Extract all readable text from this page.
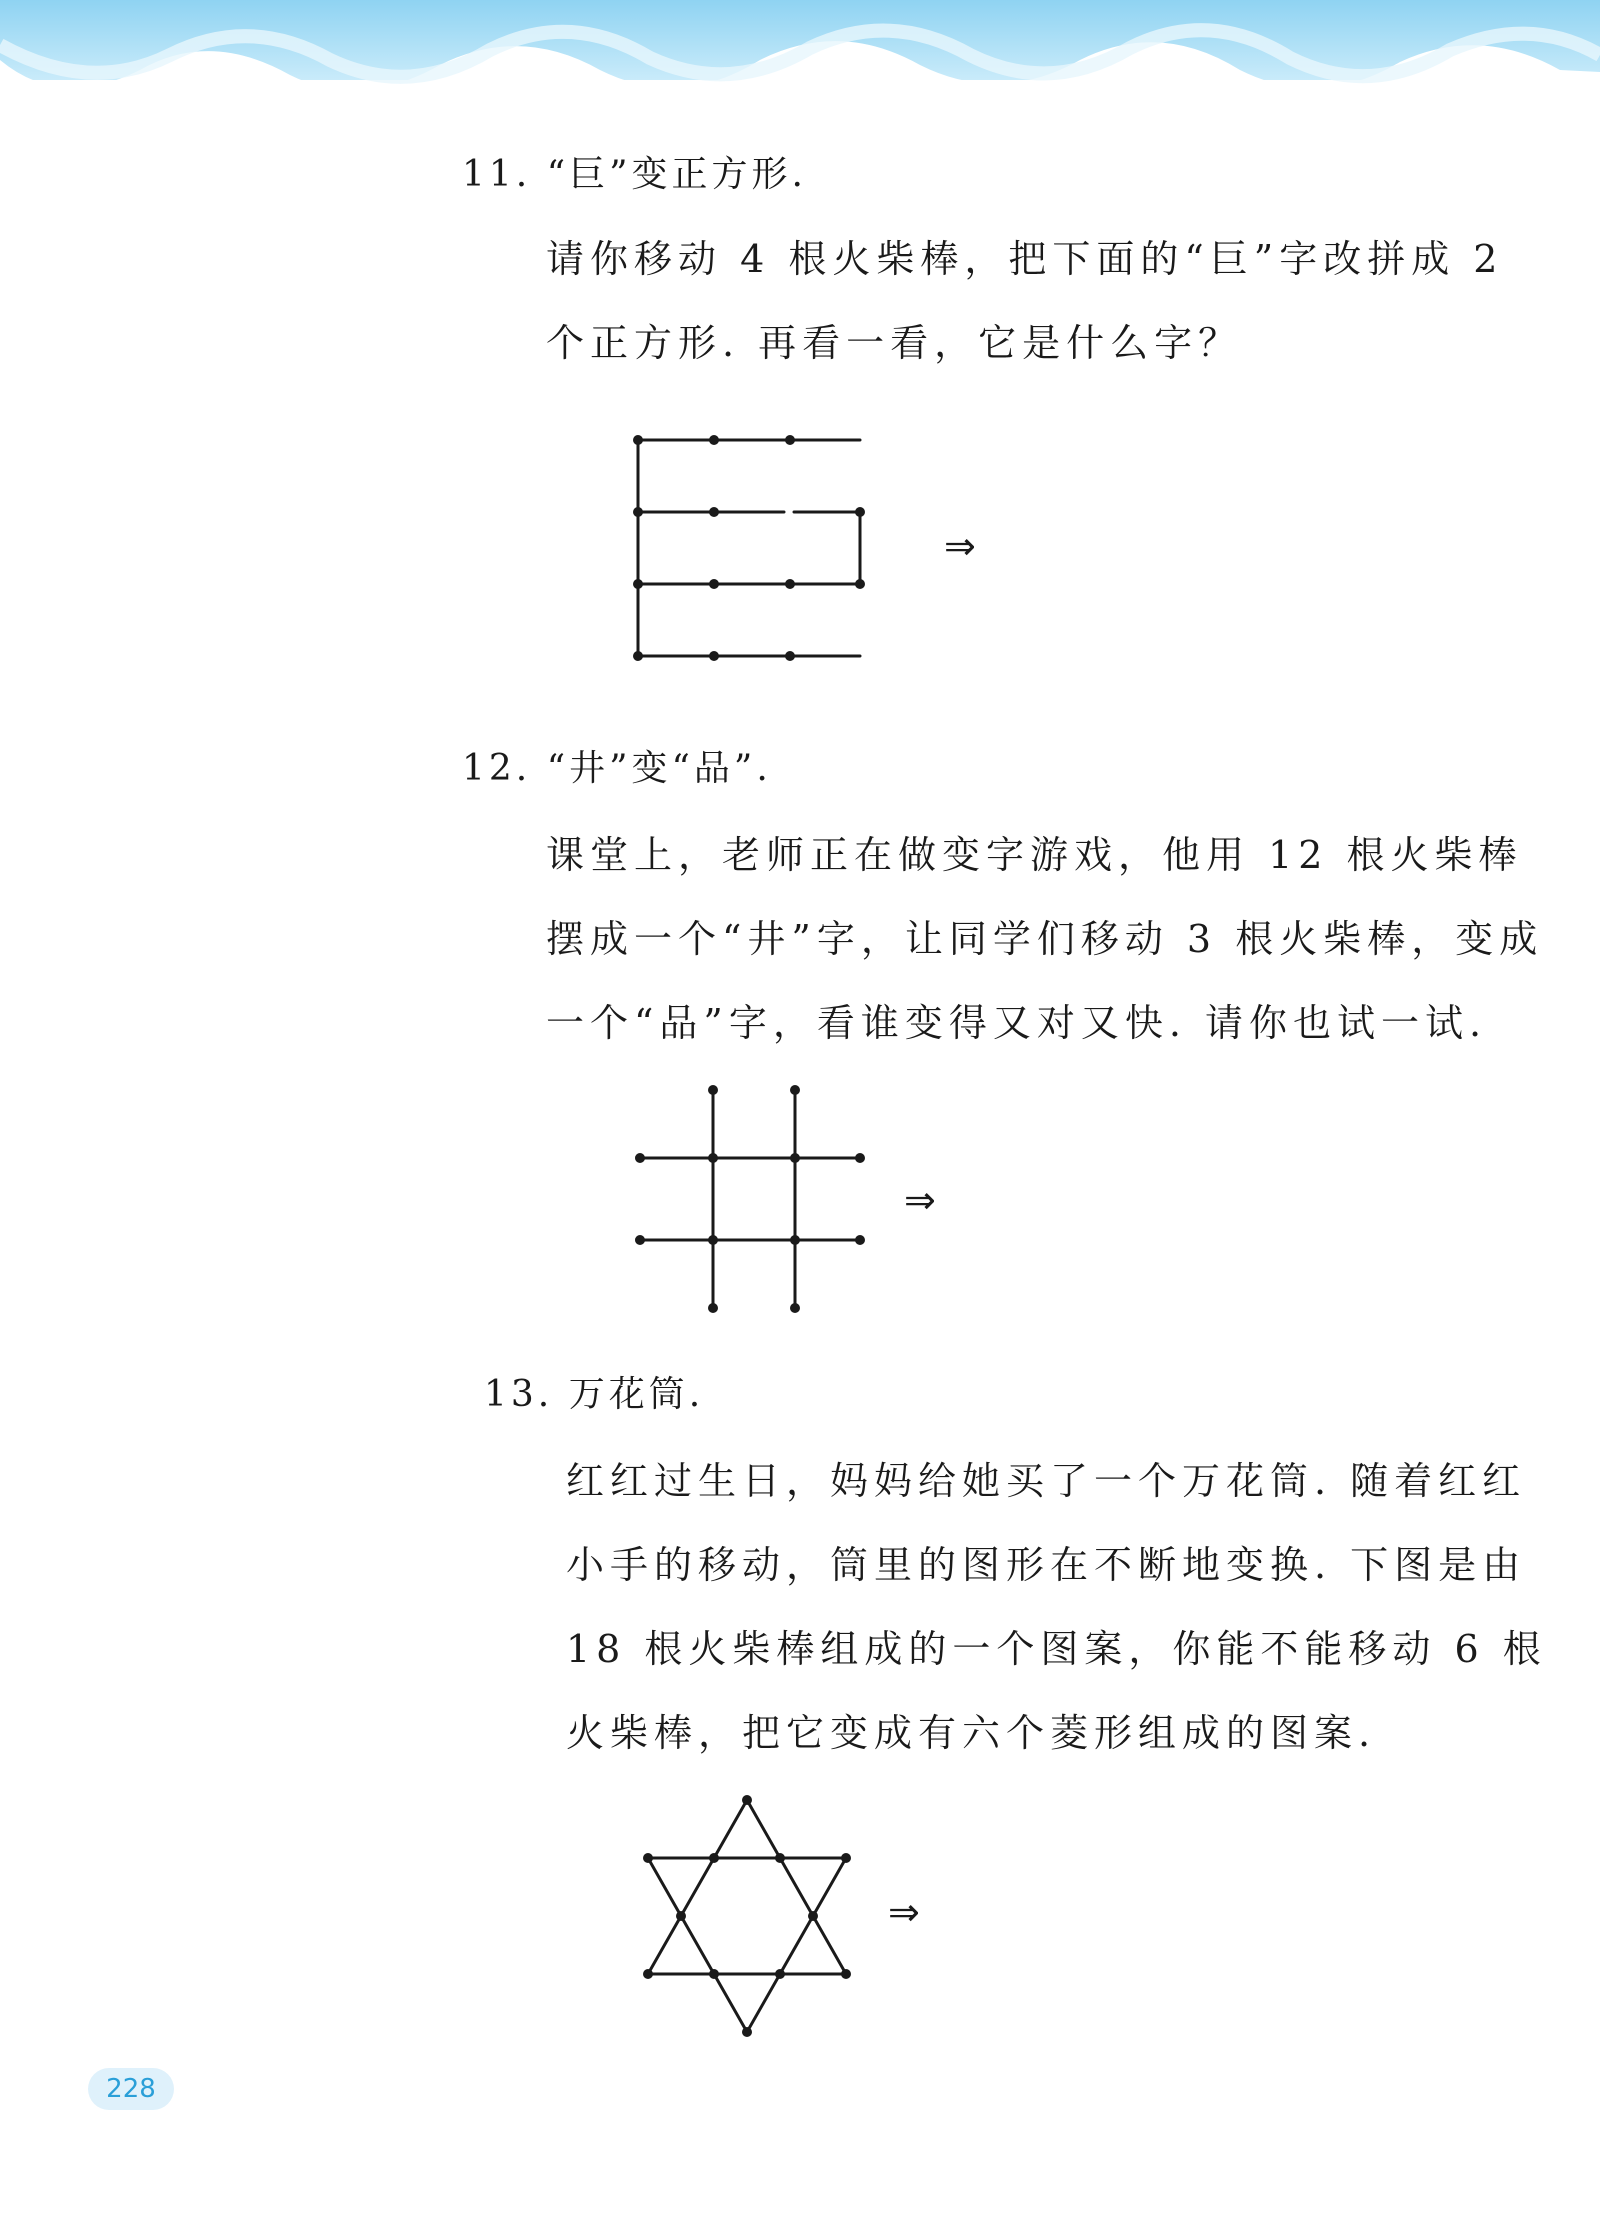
11. “巨”变正方形.
请你移动 4 根火柴棒，把下面的“巨”字改拼成 2
个正方形. 再看一看，它是什么字？
⇒
12. “井”变“品”.
课堂上，老师正在做变字游戏，他用 12 根火柴棒
摆成一个“井”字，让同学们移动 3 根火柴棒，变成
一个“品”字，看谁变得又对又快. 请你也试一试.
⇒
13. 万花筒.
红红过生日，妈妈给她买了一个万花筒. 随着红红
小手的移动，筒里的图形在不断地变换. 下图是由
18 根火柴棒组成的一个图案，你能不能移动 6 根
火柴棒，把它变成有六个菱形组成的图案.
⇒
228
